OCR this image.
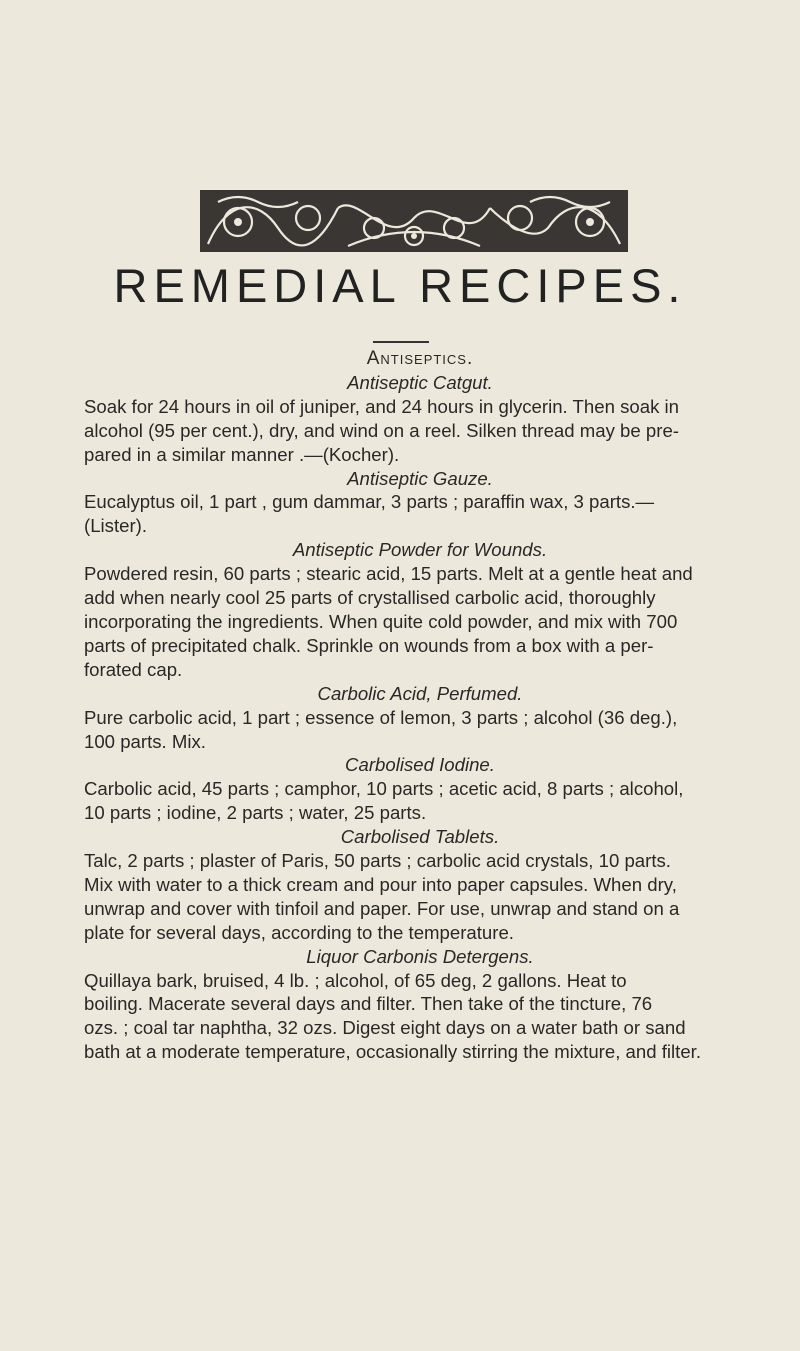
REMEDIAL RECIPES.

Antiseptics.

Antiseptic Catgut.

Soak for 24 hours in oil of juniper, and 24 hours in glycerin. Then soak in
alcohol (95 per cent.), dry, and wind on a reel. Silken thread may be pre-
pared in a similar manner .—(Kocher).

Antiseptic Gauze.

Eucalyptus oil, 1 part , gum dammar, 3 parts ; paraffin wax, 3 parts.—
(Lister).

Antiseptic Powder for Wounds.

Powdered resin, 60 parts ; stearic acid, 15 parts. Melt at a gentle heat and
add when nearly cool 25 parts of crystallised carbolic acid, thoroughly
incorporating the ingredients. When quite cold powder, and mix with 700
parts of precipitated chalk. Sprinkle on wounds from a box with a per-
forated cap.

Carbolic Acid, Perfumed.

Pure carbolic acid, 1 part ; essence of lemon, 3 parts ; alcohol (36 deg.),
100 parts. Mix.

Carbolised Iodine.

Carbolic acid, 45 parts ; camphor, 10 parts ; acetic acid, 8 parts ; alcohol,
10 parts ; iodine, 2 parts ; water, 25 parts.

Carbolised Tablets.

Talc, 2 parts ; plaster of Paris, 50 parts ; carbolic acid crystals, 10 parts.
Mix with water to a thick cream and pour into paper capsules. When dry,
unwrap and cover with tinfoil and paper. For use, unwrap and stand on a
plate for several days, according to the temperature.

Liquor Carbonis Detergens.

Quillaya bark, bruised, 4 lb. ; alcohol, of 65 deg, 2 gallons. Heat to
boiling. Macerate several days and filter. Then take of the tincture, 76
ozs. ; coal tar naphtha, 32 ozs. Digest eight days on a water bath or sand
bath at a moderate temperature, occasionally stirring the mixture, and filter.
